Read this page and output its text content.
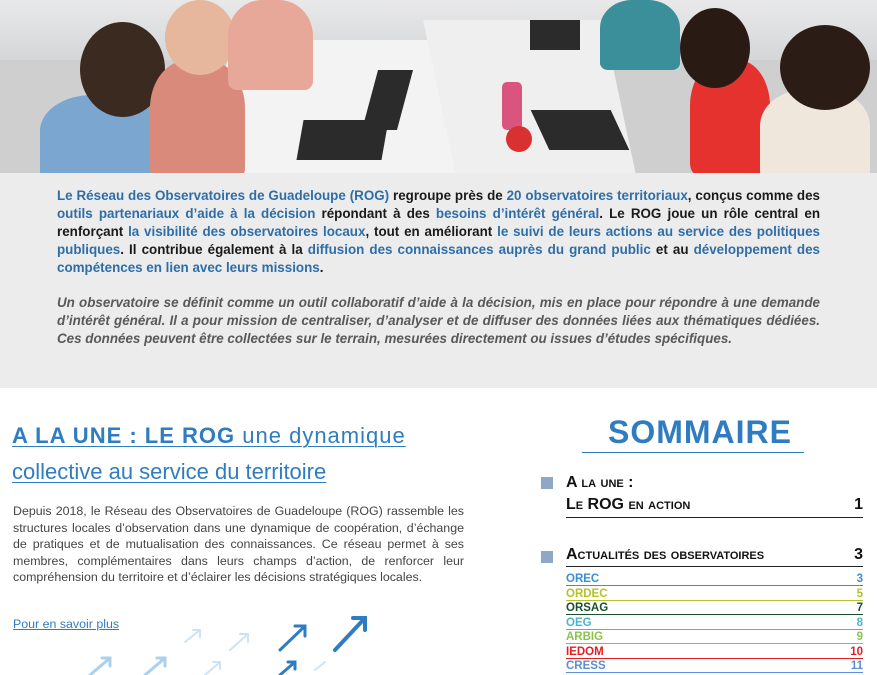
Le Réseau des Observatoires de Guadeloupe (ROG) regroupe près de 20 observatoires territoriaux, conçus comme des outils partenariaux d’aide à la décision répondant à des besoins d’intérêt général. Le ROG joue un rôle central en renforçant la visibilité des observatoires locaux, tout en améliorant le suivi de leurs actions au service des politiques publiques. Il contribue également à la diffusion des connaissances auprès du grand public et au développement des compétences en lien avec leurs missions.

Un observatoire se définit comme un outil collaboratif d’aide à la décision, mis en place pour répondre à une demande d’intérêt général. Il a pour mission de centraliser, d’analyser et de diffuser des données liées aux thématiques dédiées. Ces données peuvent être collectées sur le terrain, mesurées directement ou issues d’études spécifiques.

A LA UNE : LE ROG une dynamique
collective au service du territoire

Depuis 2018, le Réseau des Observatoires de Guadeloupe (ROG) rassemble les structures locales d’observation dans une dynamique de coopération, d’échange de pratiques et de mutualisation des connaissances. Ce réseau permet à ses membres, complémentaires dans leurs champs d’action, de renforcer leur compréhension du territoire et d’éclairer les décisions stratégiques locales.

Pour en savoir plus
SOMMAIRE
A la une :
Le ROG en action	1
Actualités des observatoires	3
OREC	3
ORDEC	5
ORSAG	7
OEG	8
ARBIG	9
IEDOM	10
CRESS	11
